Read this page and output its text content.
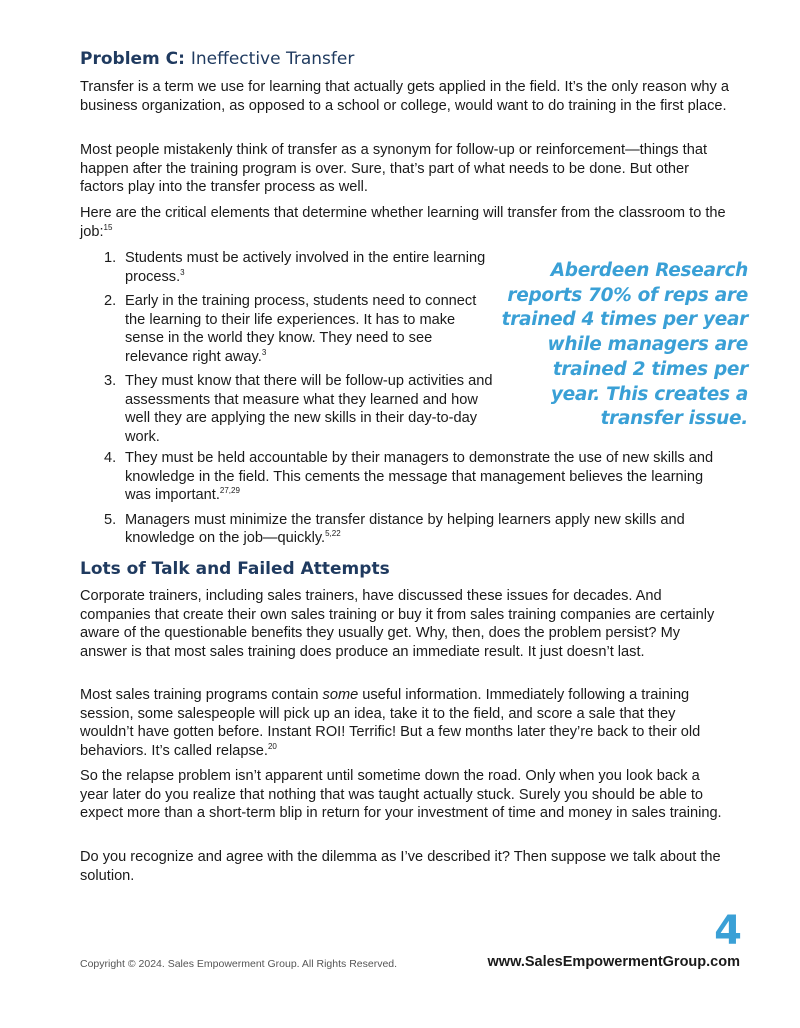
Problem C: Ineffective Transfer

Transfer is a term we use for learning that actually gets applied in the field. It’s the only reason why a business organization, as opposed to a school or college, would want to do training in the first place.

Most people mistakenly think of transfer as a synonym for follow-up or reinforcement—things that happen after the training program is over. Sure, that’s part of what needs to be done. But other factors play into the transfer process as well.

Here are the critical elements that determine whether learning will transfer from the classroom to the job:$^{15}$

1. Students must be actively involved in the entire learning process.$^3$
2. Early in the training process, students need to connect the learning to their life experiences. It has to make sense in the world they know. They need to see relevance right away.$^3$
3. They must know that there will be follow-up activities and assessments that measure what they learned and how well they are applying the new skills in their day-to-day work.
4. They must be held accountable by their managers to demonstrate the use of new skills and knowledge in the field. This cements the message that management believes the learning was important.$^{27,29}$
5. Managers must minimize the transfer distance by helping learners apply new skills and knowledge on the job—quickly.$^{5,22}$

Aberdeen Research reports 70% of reps are trained 4 times per year while managers are trained 2 times per year. This creates a transfer issue.

Lots of Talk and Failed Attempts

Corporate trainers, including sales trainers, have discussed these issues for decades. And companies that create their own sales training or buy it from sales training companies are certainly aware of the questionable benefits they usually get. Why, then, does the problem persist? My answer is that most sales training does produce an immediate result. It just doesn’t last.

Most sales training programs contain some useful information. Immediately following a training session, some salespeople will pick up an idea, take it to the field, and score a sale that they wouldn’t have gotten before. Instant ROI! Terrific! But a few months later they’re back to their old behaviors. It’s called relapse.$^{20}$

So the relapse problem isn’t apparent until sometime down the road. Only when you look back a year later do you realize that nothing that was taught actually stuck. Surely you should be able to expect more than a short-term blip in return for your investment of time and money in sales training.

Do you recognize and agree with the dilemma as I’ve described it? Then suppose we talk about the solution.

4
Copyright © 2024. Sales Empowerment Group. All Rights Reserved.	www.SalesEmpowermentGroup.com
